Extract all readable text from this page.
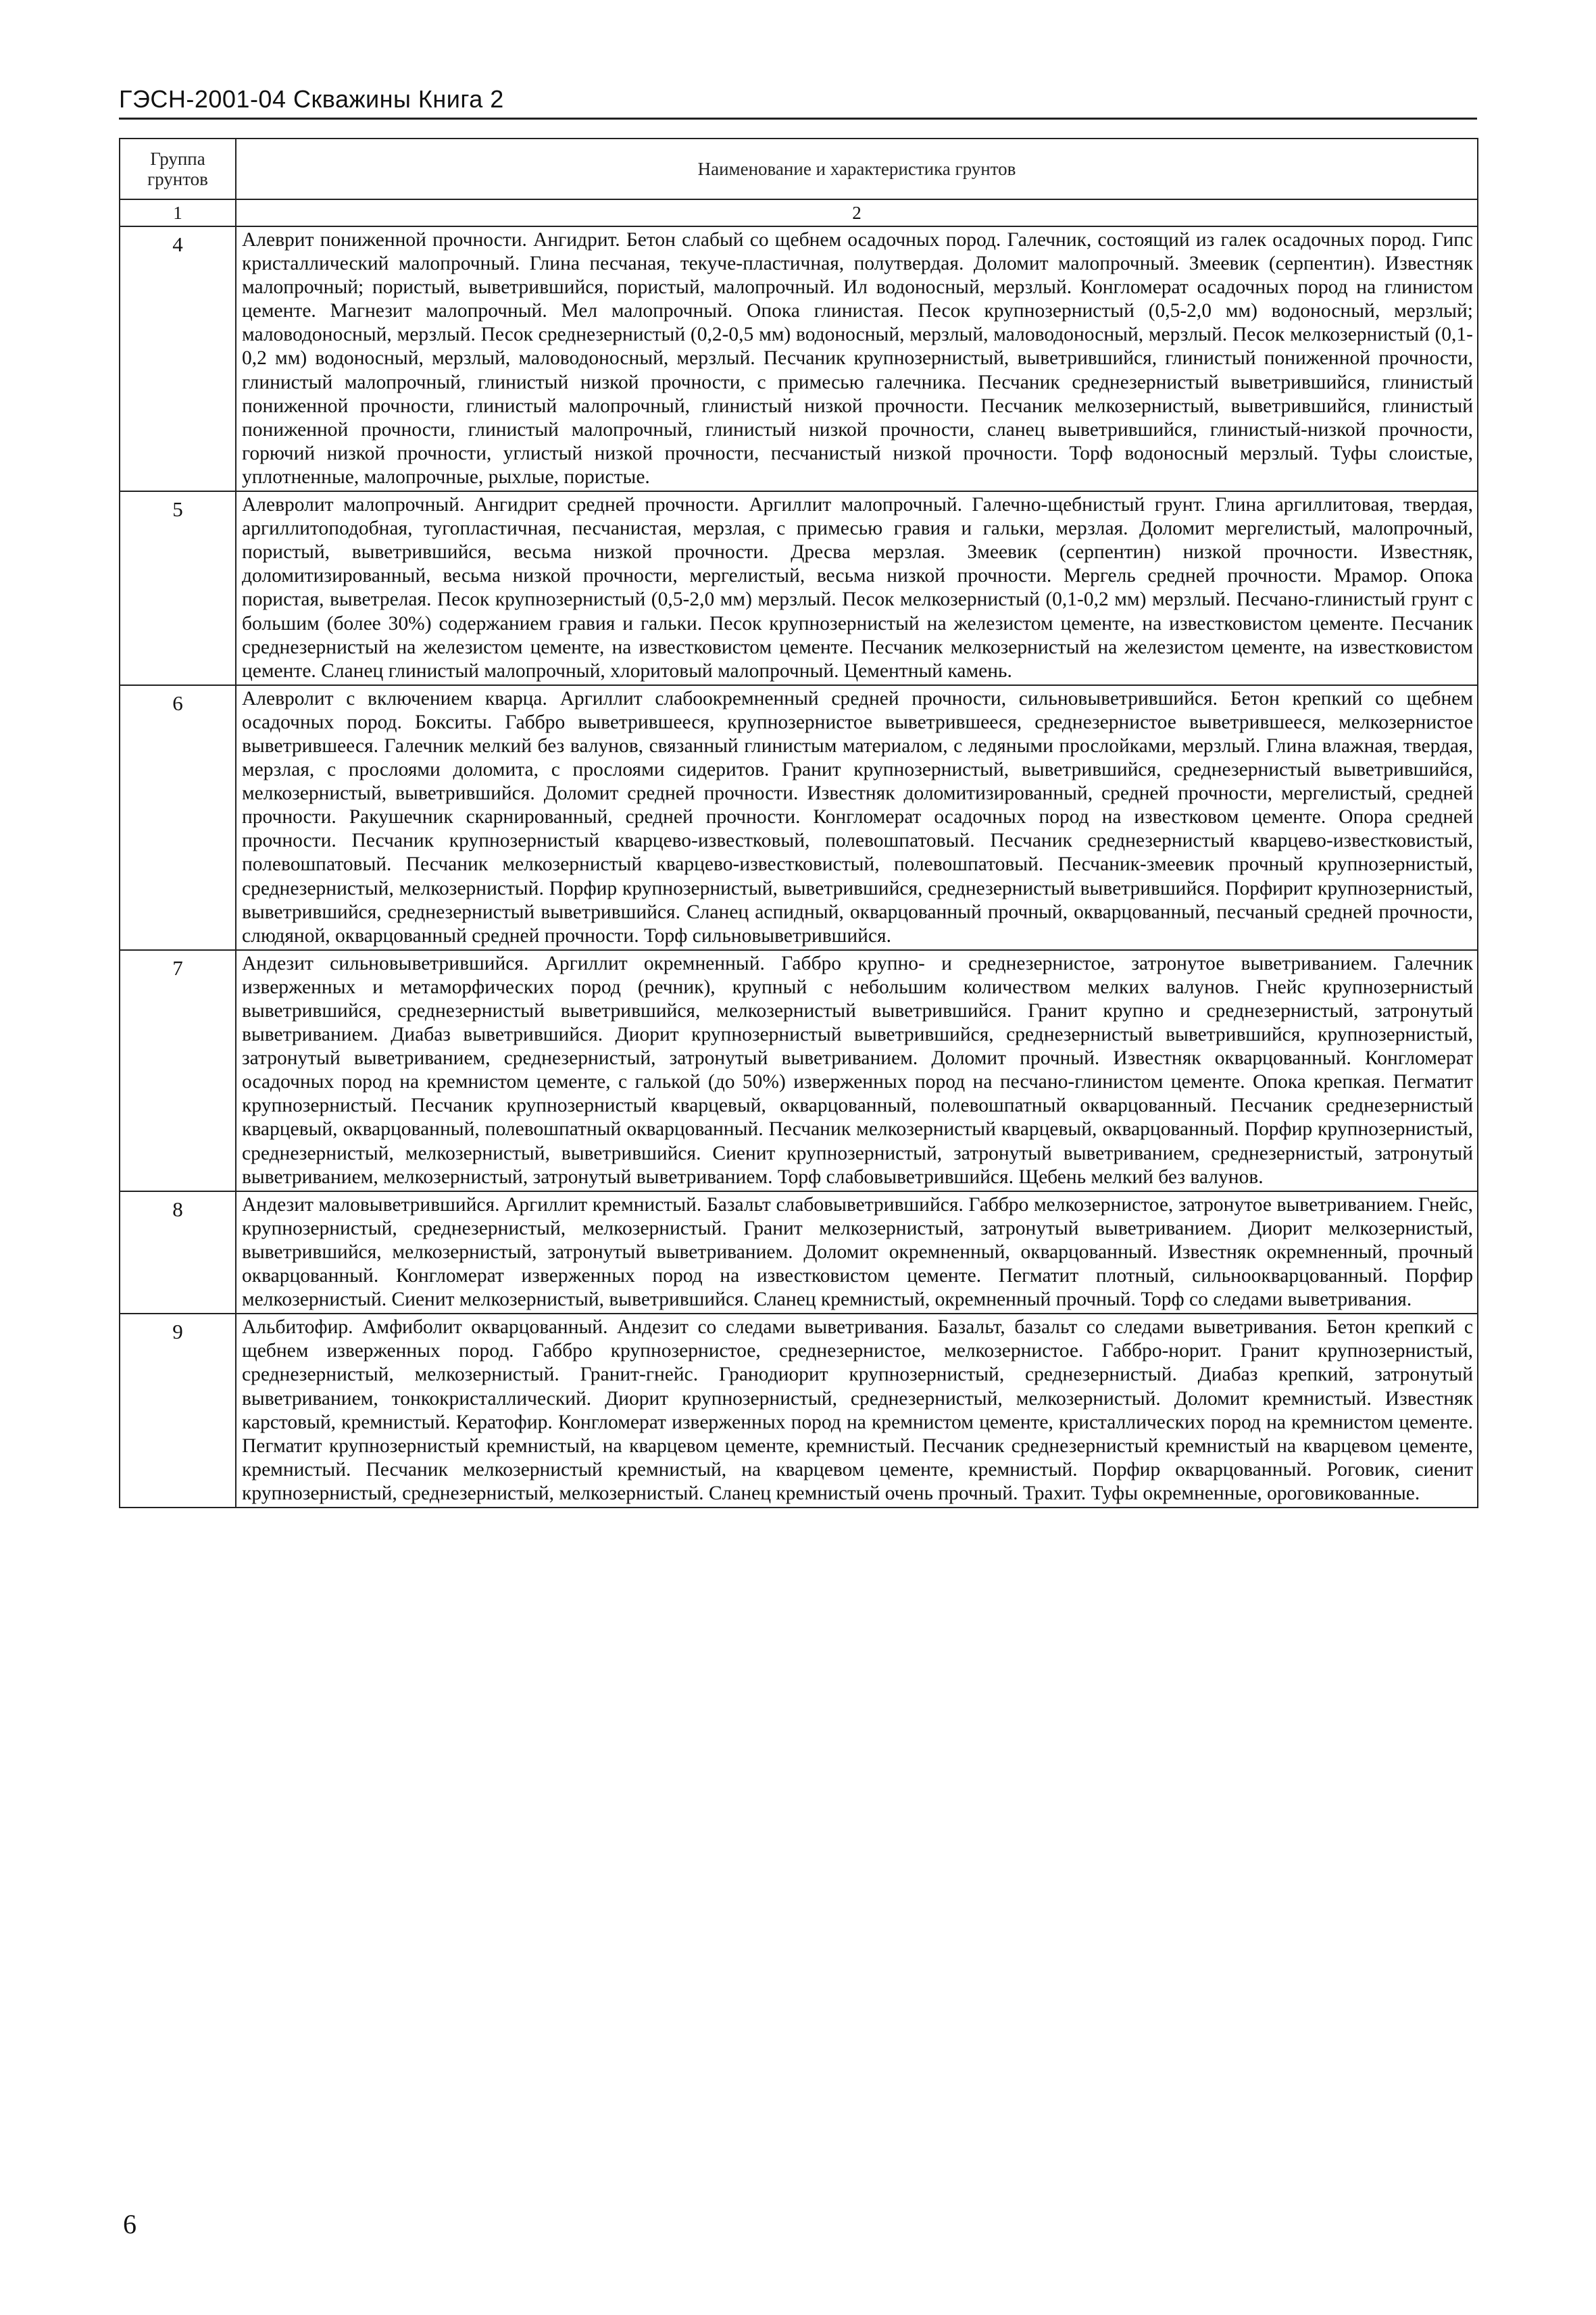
ГЭСН-2001-04 Скважины Книга 2
Группа грунтов	Наименование и характеристика грунтов
1	2
4	Алеврит пониженной прочности. Ангидрит. Бетон слабый со щебнем осадочных пород. Галечник, состоящий из галек осадочных пород. Гипс кристаллический малопрочный. Глина песчаная, текуче-пластичная, полутвердая. Доломит малопрочный. Змеевик (серпентин). Известняк малопрочный; пористый, выветрившийся, пористый, малопрочный. Ил водоносный, мерзлый. Конгломерат осадочных пород на глинистом цементе. Магнезит малопрочный. Мел малопрочный. Опока глинистая. Песок крупнозернистый (0,5-2,0 мм) водоносный, мерзлый; маловодоносный, мерзлый. Песок среднезернистый (0,2-0,5 мм) водоносный, мерзлый, маловодоносный, мерзлый. Песок мелкозернистый (0,1-0,2 мм) водоносный, мерзлый, маловодоносный, мерзлый. Песчаник крупнозернистый, выветрившийся, глинистый пониженной прочности, глинистый малопрочный, глинистый низкой прочности, с примесью галечника. Песчаник среднезернистый выветрившийся, глинистый пониженной прочности, глинистый малопрочный, глинистый низкой прочности. Песчаник мелкозернистый, выветрившийся, глинистый пониженной прочности, глинистый малопрочный, глинистый низкой прочности, сланец выветрившийся, глинистый-низкой прочности, горючий низкой прочности, углистый низкой прочности, песчанистый низкой прочности. Торф водоносный мерзлый. Туфы слоистые, уплотненные, малопрочные, рыхлые, пористые.
5	Алевролит малопрочный. Ангидрит средней прочности. Аргиллит малопрочный. Галечно-щебнистый грунт. Глина аргиллитовая, твердая, аргиллитоподобная, тугопластичная, песчанистая, мерзлая, с примесью гравия и гальки, мерзлая. Доломит мергелистый, малопрочный, пористый, выветрившийся, весьма низкой прочности. Дресва мерзлая. Змеевик (серпентин) низкой прочности. Известняк, доломитизированный, весьма низкой прочности, мергелистый, весьма низкой прочности. Мергель средней прочности. Мрамор. Опока пористая, выветрелая. Песок крупнозернистый (0,5-2,0 мм) мерзлый. Песок мелкозернистый (0,1-0,2 мм) мерзлый. Песчано-глинистый грунт с большим (более 30%) содержанием гравия и гальки. Песок крупнозернистый на железистом цементе, на известковистом цементе. Песчаник среднезернистый на железистом цементе, на известковистом цементе. Песчаник мелкозернистый на железистом цементе, на известковистом цементе. Сланец глинистый малопрочный, хлоритовый малопрочный. Цементный камень.
6	Алевролит с включением кварца. Аргиллит слабоокремненный средней прочности, сильновыветрившийся. Бетон крепкий со щебнем осадочных пород. Бокситы. Габбро выветрившееся, крупнозернистое выветрившееся, среднезернистое выветрившееся, мелкозернистое выветрившееся. Галечник мелкий без валунов, связанный глинистым материалом, с ледяными прослойками, мерзлый. Глина влажная, твердая, мерзлая, с прослоями доломита, с прослоями сидеритов. Гранит крупнозернистый, выветрившийся, среднезернистый выветрившийся, мелкозернистый, выветрившийся. Доломит средней прочности. Известняк доломитизированный, средней прочности, мергелистый, средней прочности. Ракушечник скарнированный, средней прочности. Конгломерат осадочных пород на известковом цементе. Опора средней прочности. Песчаник крупнозернистый кварцево-известковый, полевошпатовый. Песчаник среднезернистый кварцево-известковистый, полевошпатовый. Песчаник мелкозернистый кварцево-известковистый, полевошпатовый. Песчаник-змеевик прочный крупнозернистый, среднезернистый, мелкозернистый. Порфир крупнозернистый, выветрившийся, среднезернистый выветрившийся. Порфирит крупнозернистый, выветрившийся, среднезернистый выветрившийся. Сланец аспидный, окварцованный прочный, окварцованный, песчаный средней прочности, слюдяной, окварцованный средней прочности. Торф сильновыветрившийся.
7	Андезит сильновыветрившийся. Аргиллит окремненный. Габбро крупно- и среднезернистое, затронутое выветриванием. Галечник изверженных и метаморфических пород (речник), крупный с небольшим количеством мелких валунов. Гнейс крупнозернистый выветрившийся, среднезернистый выветрившийся, мелкозернистый выветрившийся. Гранит крупно и среднезернистый, затронутый выветриванием. Диабаз выветрившийся. Диорит крупнозернистый выветрившийся, среднезернистый выветрившийся, крупнозернистый, затронутый выветриванием, среднезернистый, затронутый выветриванием. Доломит прочный. Известняк окварцованный. Конгломерат осадочных пород на кремнистом цементе, с галькой (до 50%) изверженных пород на песчано-глинистом цементе. Опока крепкая. Пегматит крупнозернистый. Песчаник крупнозернистый кварцевый, окварцованный, полевошпатный окварцованный. Песчаник среднезернистый кварцевый, окварцованный, полевошпатный окварцованный. Песчаник мелкозернистый кварцевый, окварцованный. Порфир крупнозернистый, среднезернистый, мелкозернистый, выветрившийся. Сиенит крупнозернистый, затронутый выветриванием, среднезернистый, затронутый выветриванием, мелкозернистый, затронутый выветриванием. Торф слабовыветрившийся. Щебень мелкий без валунов.
8	Андезит маловыветрившийся. Аргиллит кремнистый. Базальт слабовыветрившийся. Габбро мелкозернистое, затронутое выветриванием. Гнейс, крупнозернистый, среднезернистый, мелкозернистый. Гранит мелкозернистый, затронутый выветриванием. Диорит мелкозернистый, выветрившийся, мелкозернистый, затронутый выветриванием. Доломит окремненный, окварцованный. Известняк окремненный, прочный окварцованный. Конгломерат изверженных пород на известковистом цементе. Пегматит плотный, сильноокварцованный. Порфир мелкозернистый. Сиенит мелкозернистый, выветрившийся. Сланец кремнистый, окремненный прочный. Торф со следами выветривания.
9	Альбитофир. Амфиболит окварцованный. Андезит со следами выветривания. Базальт, базальт со следами выветривания. Бетон крепкий с щебнем изверженных пород. Габбро крупнозернистое, среднезернистое, мелкозернистое. Габбро-норит. Гранит крупнозернистый, среднезернистый, мелкозернистый. Гранит-гнейс. Гранодиорит крупнозернистый, среднезернистый. Диабаз крепкий, затронутый выветриванием, тонкокристаллический. Диорит крупнозернистый, среднезернистый, мелкозернистый. Доломит кремнистый. Известняк карстовый, кремнистый. Кератофир. Конгломерат изверженных пород на кремнистом цементе, кристаллических пород на кремнистом цементе. Пегматит крупнозернистый кремнистый, на кварцевом цементе, кремнистый. Песчаник среднезернистый кремнистый на кварцевом цементе, кремнистый. Песчаник мелкозернистый кремнистый, на кварцевом цементе, кремнистый. Порфир окварцованный. Роговик, сиенит крупнозернистый, среднезернистый, мелкозернистый. Сланец кремнистый очень прочный. Трахит. Туфы окремненные, ороговикованные.
6
